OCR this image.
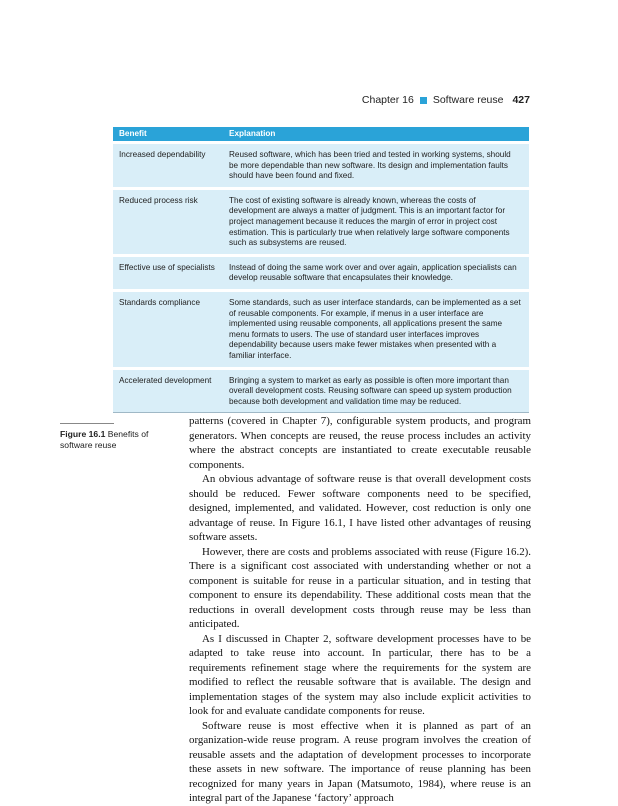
Chapter 16 Software reuse 427
Benefit	Explanation
Increased dependability	Reused software, which has been tried and tested in working systems, should be more dependable than new software. Its design and implementation faults should have been found and fixed.
Reduced process risk	The cost of existing software is already known, whereas the costs of development are always a matter of judgment. This is an important factor for project management because it reduces the margin of error in project cost estimation. This is particularly true when relatively large software components such as subsystems are reused.
Effective use of specialists	Instead of doing the same work over and over again, application specialists can develop reusable software that encapsulates their knowledge.
Standards compliance	Some standards, such as user interface standards, can be implemented as a set of reusable components. For example, if menus in a user interface are implemented using reusable components, all applications present the same menu formats to users. The use of standard user interfaces improves dependability because users make fewer mistakes when presented with a familiar interface.
Accelerated development	Bringing a system to market as early as possible is often more important than overall development costs. Reusing software can speed up system production because both development and validation time may be reduced.
Figure 16.1 Benefits of software reuse

patterns (covered in Chapter 7), configurable system products, and program generators. When concepts are reused, the reuse process includes an activity where the abstract concepts are instantiated to create executable reusable components.

An obvious advantage of software reuse is that overall development costs should be reduced. Fewer software components need to be specified, designed, implemented, and validated. However, cost reduction is only one advantage of reuse. In Figure 16.1, I have listed other advantages of reusing software assets.

However, there are costs and problems associated with reuse (Figure 16.2). There is a significant cost associated with understanding whether or not a component is suitable for reuse in a particular situation, and in testing that component to ensure its dependability. These additional costs mean that the reductions in overall development costs through reuse may be less than anticipated.

As I discussed in Chapter 2, software development processes have to be adapted to take reuse into account. In particular, there has to be a requirements refinement stage where the requirements for the system are modified to reflect the reusable software that is available. The design and implementation stages of the system may also include explicit activities to look for and evaluate candidate components for reuse.

Software reuse is most effective when it is planned as part of an organization-wide reuse program. A reuse program involves the creation of reusable assets and the adaptation of development processes to incorporate these assets in new software. The importance of reuse planning has been recognized for many years in Japan (Matsumoto, 1984), where reuse is an integral part of the Japanese ‘factory’ approach
